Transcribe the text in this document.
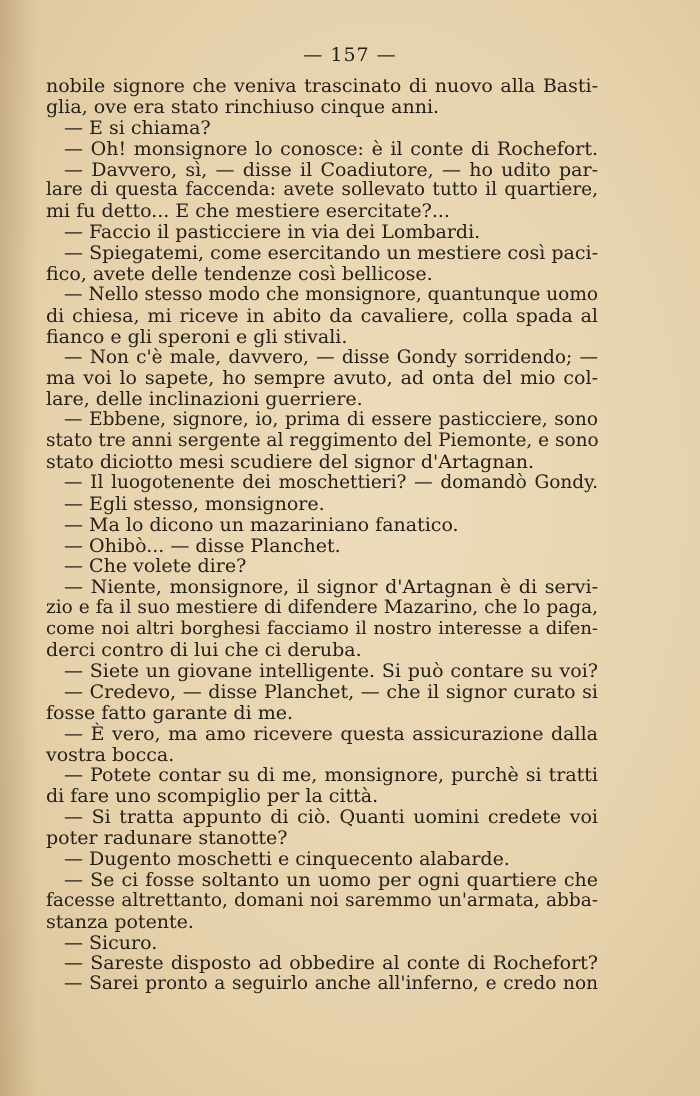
— 157 —
nobile signore che veniva trascinato di nuovo alla Basti-
glia, ove era stato rinchiuso cinque anni.
— E si chiama?
— Oh! monsignore lo conosce: è il conte di Rochefort.
— Davvero, sì, — disse il Coadiutore, — ho udito par-
lare di questa faccenda: avete sollevato tutto il quartiere,
mi fu detto... E che mestiere esercitate?...
— Faccio il pasticciere in via dei Lombardi.
— Spiegatemi, come esercitando un mestiere così paci-
fico, avete delle tendenze così bellicose.
— Nello stesso modo che monsignore, quantunque uomo
di chiesa, mi riceve in abito da cavaliere, colla spada al
fianco e gli speroni e gli stivali.
— Non c'è male, davvero, — disse Gondy sorridendo; —
ma voi lo sapete, ho sempre avuto, ad onta del mio col-
lare, delle inclinazioni guerriere.
— Ebbene, signore, io, prima di essere pasticciere, sono
stato tre anni sergente al reggimento del Piemonte, e sono
stato diciotto mesi scudiere del signor d'Artagnan.
— Il luogotenente dei moschettieri? — domandò Gondy.
— Egli stesso, monsignore.
— Ma lo dicono un mazariniano fanatico.
— Ohibò... — disse Planchet.
— Che volete dire?
— Niente, monsignore, il signor d'Artagnan è di servi-
zio e fa il suo mestiere di difendere Mazarino, che lo paga,
come noi altri borghesi facciamo il nostro interesse a difen-
derci contro di lui che ci deruba.
— Siete un giovane intelligente. Si può contare su voi?
— Credevo, — disse Planchet, — che il signor curato si
fosse fatto garante di me.
— È vero, ma amo ricevere questa assicurazione dalla
vostra bocca.
— Potete contar su di me, monsignore, purchè si tratti
di fare uno scompiglio per la città.
— Si tratta appunto di ciò. Quanti uomini credete voi
poter radunare stanotte?
— Dugento moschetti e cinquecento alabarde.
— Se ci fosse soltanto un uomo per ogni quartiere che
facesse altrettanto, domani noi saremmo un'armata, abba-
stanza potente.
— Sicuro.
— Sareste disposto ad obbedire al conte di Rochefort?
— Sarei pronto a seguirlo anche all'inferno, e credo non
